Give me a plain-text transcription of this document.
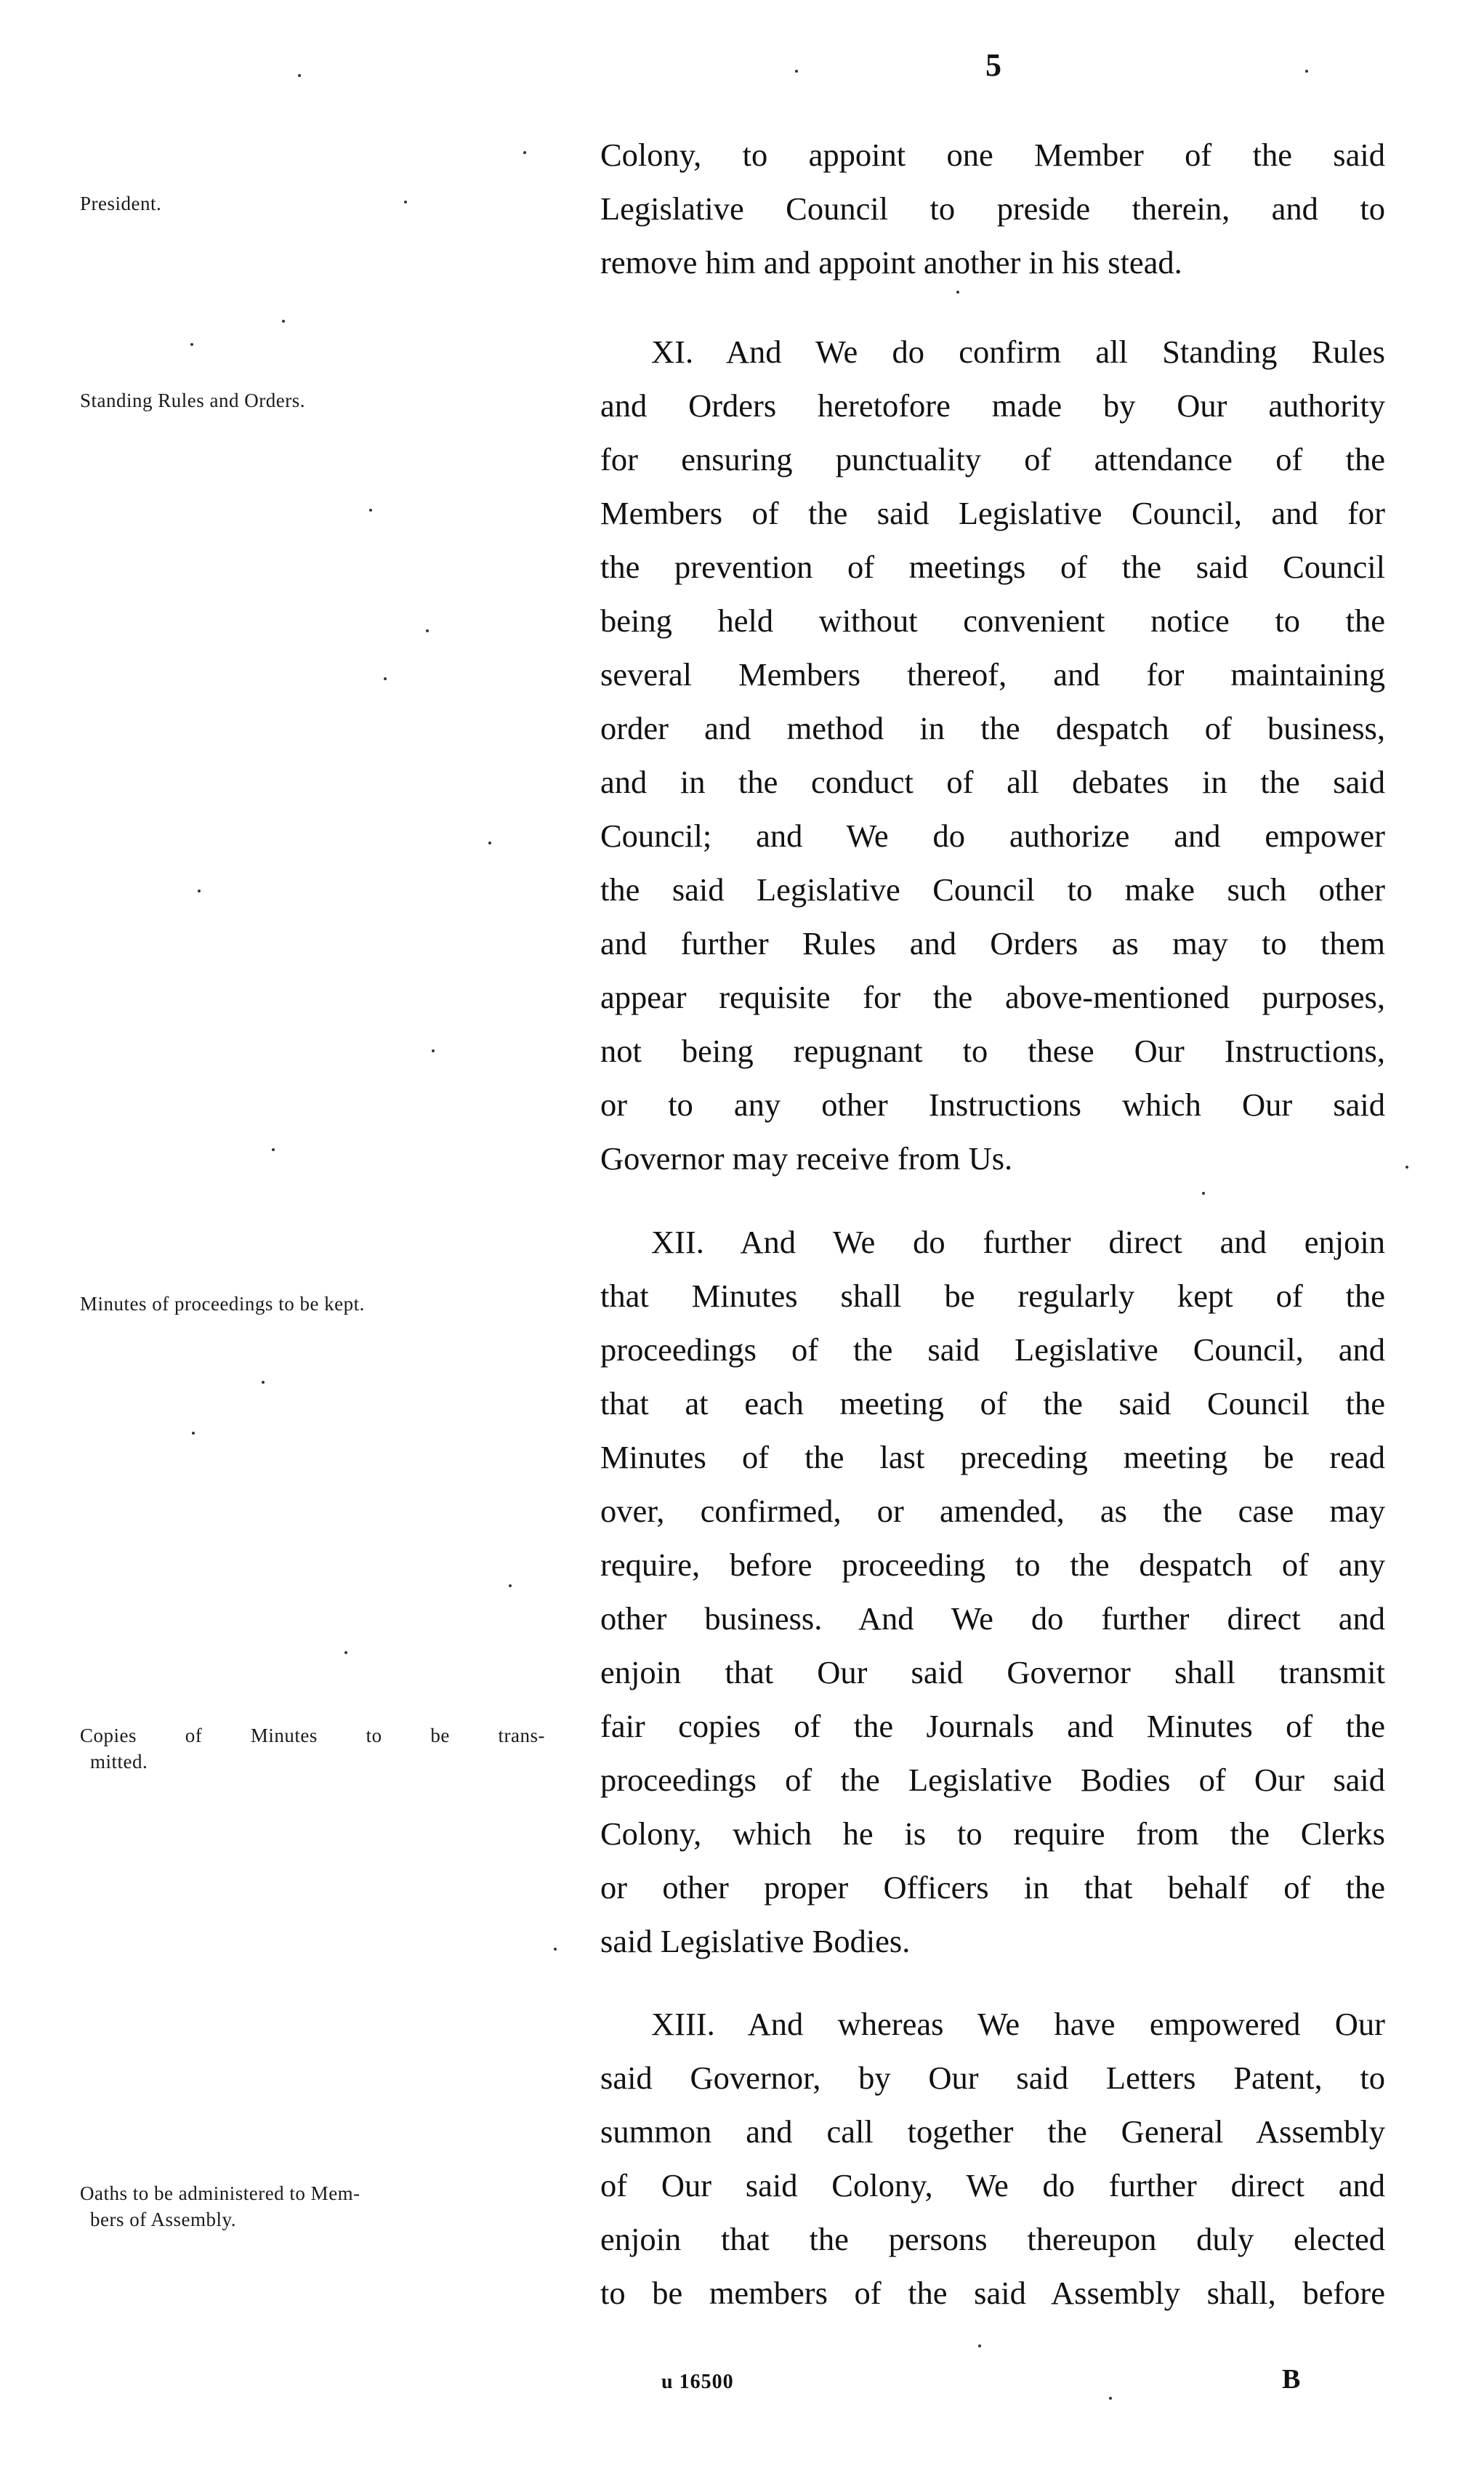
5
President.
Standing Rules and Orders.
Minutes of proceedings to be kept.
Copies of Minutes to be trans-
mitted.
Oaths to be administered to Mem-
bers of Assembly.
Colony, to appoint one Member of the said
Legislative Council to preside therein, and to
remove him and appoint another in his stead.
XI. And We do confirm all Standing Rules
and Orders heretofore made by Our authority
for ensuring punctuality of attendance of the
Members of the said Legislative Council, and for
the prevention of meetings of the said Council
being held without convenient notice to the
several Members thereof, and for maintaining
order and method in the despatch of business,
and in the conduct of all debates in the said
Council; and We do authorize and empower
the said Legislative Council to make such other
and further Rules and Orders as may to them
appear requisite for the above-mentioned purposes,
not being repugnant to these Our Instructions,
or to any other Instructions which Our said
Governor may receive from Us.
XII. And We do further direct and enjoin
that Minutes shall be regularly kept of the
proceedings of the said Legislative Council, and
that at each meeting of the said Council the
Minutes of the last preceding meeting be read
over, confirmed, or amended, as the case may
require, before proceeding to the despatch of any
other business. And We do further direct and
enjoin that Our said Governor shall transmit
fair copies of the Journals and Minutes of the
proceedings of the Legislative Bodies of Our said
Colony, which he is to require from the Clerks
or other proper Officers in that behalf of the
said Legislative Bodies.
XIII. And whereas We have empowered Our
said Governor, by Our said Letters Patent, to
summon and call together the General Assembly
of Our said Colony, We do further direct and
enjoin that the persons thereupon duly elected
to be members of the said Assembly shall, before
u 16500	B
